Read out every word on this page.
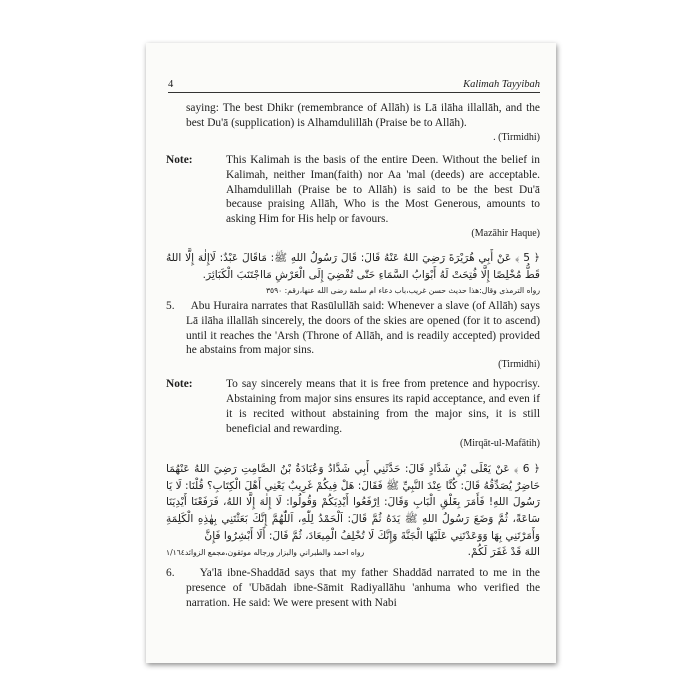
4	Kalimah Tayyibah

saying: The best Dhikr (remembrance of Allāh) is Lā ilāha illallāh, and the best Du'ā (supplication) is Alhamdulillāh (Praise be to Allāh).

. (Tirmidhi)

Note:	This Kalimah is the basis of the entire Deen. Without the belief in Kalimah, neither Iman(faith) nor Aa 'mal (deeds) are acceptable. Alhamdulillah (Praise be to Allāh) is said to be the best Du'ā because praising Allāh, Who is the Most Generous, amounts to asking Him for His help or favours.

(Mazāhir Haque)

﴿ 5 ﴾ عَنْ أَبِي هُرَيْرَةَ رَضِيَ اللهُ عَنْهُ قَالَ: قَالَ رَسُولُ اللهِ ﷺ: مَاقَالَ عَبْدٌ: لَاإِلٰهَ إِلَّا اللهُ قَطُّ مُخْلِصًا إِلَّا فُتِحَتْ لَهُ أَبْوَابُ السَّمَاءِ حَتّٰى تُفْضِيَ إِلَى الْعَرْشِ مَااجْتَنَبَ الْكَبَائِرَ.

رواه الترمذى وقال:هذا حديث حسن غريب،باب دعاء ام سلمة رضى الله عنها،رقم: ٣٥٩٠

5. Abu Huraira narrates that Rasūlullāh said: Whenever a slave (of Allāh) says Lā ilāha illallāh sincerely, the doors of the skies are opened (for it to ascend) until it reaches the 'Arsh (Throne of Allāh, and is readily accepted) provided he abstains from major sins.

(Tirmidhi)

Note:	To say sincerely means that it is free from pretence and hypocrisy. Abstaining from major sins ensures its rapid acceptance, and even if it is recited without abstaining from the major sins, it is still beneficial and rewarding.

(Mirqāt-ul-Mafātih)

﴿ 6 ﴾ عَنْ يَعْلَى بْنِ شَدَّادٍ قَالَ: حَدَّثَنِي أَبِي شَدَّادُ وَعُبَادَةُ بْنُ الصَّامِتِ رَضِيَ اللهُ عَنْهُمَا حَاضِرٌ يُصَدِّقُهُ قَالَ: كُنَّا عِنْدَ النَّبِيِّ ﷺ فَقَالَ: هَلْ فِيكُمْ غَرِيبٌ يَعْنِي أَهْلَ الْكِتَابِ؟ قُلْنَا: لَا يَا رَسُولَ اللهِ! فَأَمَرَ بِغَلْقِ الْبَابِ وَقَالَ: اِرْفَعُوا أَيْدِيَكُمْ وَقُولُوا: لَا إِلٰهَ إِلَّا اللهُ، فَرَفَعْنَا أَيْدِيَنَا سَاعَةً، ثُمَّ وَضَعَ رَسُولُ اللهِ ﷺ يَدَهُ ثُمَّ قَالَ: اَلْحَمْدُ لِلّٰهِ، اَللّٰهُمَّ إِنَّكَ بَعَثْتَنِي بِهٰذِهِ الْكَلِمَةِ وَأَمَرْتَنِي بِهَا وَوَعَدْتَنِي عَلَيْهَا الْجَنَّةَ وَإِنَّكَ لَا تُخْلِفُ الْمِيعَادَ، ثُمَّ قَالَ: أَلَا أَبْشِرُوا فَإِنَّ

رواه احمد والطبراني والبزار ورجاله موثقون،مجمع الزوائد١/١٦٤	اللهَ قَدْ غَفَرَ لَكُمْ.

6. Ya'lā ibne-Shaddād says that my father Shaddād narrated to me in the presence of 'Ubādah ibne-Sāmit Radiyallāhu 'anhuma who verified the narration. He said: We were present with Nabi
